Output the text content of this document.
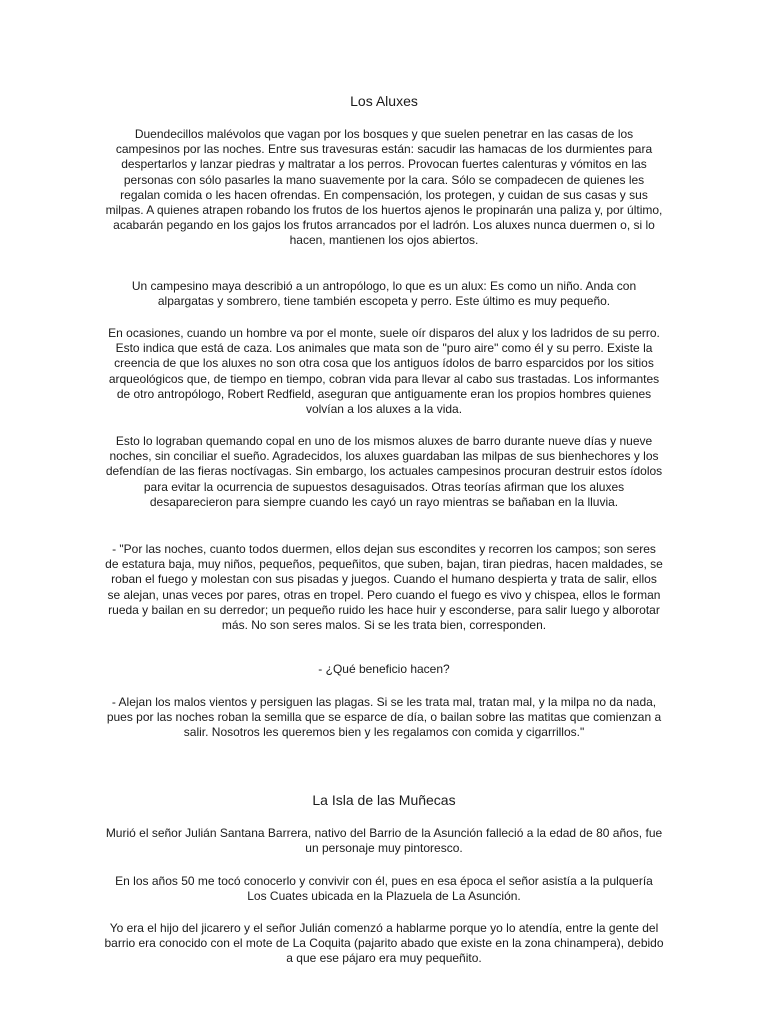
Los Aluxes

Duendecillos malévolos que vagan por los bosques y que suelen penetrar en las casas de los campesinos por las noches. Entre sus travesuras están: sacudir las hamacas de los durmientes para despertarlos y lanzar piedras y maltratar a los perros. Provocan fuertes calenturas y vómitos en las personas con sólo pasarles la mano suavemente por la cara. Sólo se compadecen de quienes les regalan comida o les hacen ofrendas. En compensación, los protegen, y cuidan de sus casas y sus milpas. A quienes atrapen robando los frutos de los huertos ajenos le propinarán una paliza y, por último, acabarán pegando en los gajos los frutos arrancados por el ladrón. Los aluxes nunca duermen o, si lo hacen, mantienen los ojos abiertos.

Un campesino maya describió a un antropólogo, lo que es un alux: Es como un niño. Anda con alpargatas y sombrero, tiene también escopeta y perro. Este último es muy pequeño.

En ocasiones, cuando un hombre va por el monte, suele oír disparos del alux y los ladridos de su perro. Esto indica que está de caza. Los animales que mata son de "puro aire" como él y su perro. Existe la creencia de que los aluxes no son otra cosa que los antiguos ídolos de barro esparcidos por los sitios arqueológicos que, de tiempo en tiempo, cobran vida para llevar al cabo sus trastadas. Los informantes de otro antropólogo, Robert Redfield, aseguran que antiguamente eran los propios hombres quienes volvían a los aluxes a la vida.

Esto lo lograban quemando copal en uno de los mismos aluxes de barro durante nueve días y nueve noches, sin conciliar el sueño. Agradecidos, los aluxes guardaban las milpas de sus bienhechores y los defendían de las fieras noctívagas. Sin embargo, los actuales campesinos procuran destruir estos ídolos para evitar la ocurrencia de supuestos desaguisados. Otras teorías afirman que los aluxes desaparecieron para siempre cuando les cayó un rayo mientras se bañaban en la lluvia.

- "Por las noches, cuanto todos duermen, ellos dejan sus escondites y recorren los campos; son seres de estatura baja, muy niños, pequeños, pequeñitos, que suben, bajan, tiran piedras, hacen maldades, se roban el fuego y molestan con sus pisadas y juegos. Cuando el humano despierta y trata de salir, ellos se alejan, unas veces por pares, otras en tropel. Pero cuando el fuego es vivo y chispea, ellos le forman rueda y bailan en su derredor; un pequeño ruido les hace huir y esconderse, para salir luego y alborotar más. No son seres malos. Si se les trata bien, corresponden.

- ¿Qué beneficio hacen?

- Alejan los malos vientos y persiguen las plagas. Si se les trata mal, tratan mal, y la milpa no da nada, pues por las noches roban la semilla que se esparce de día, o bailan sobre las matitas que comienzan a salir. Nosotros les queremos bien y les regalamos con comida y cigarrillos."

La Isla de las Muñecas

Murió el señor Julián Santana Barrera, nativo del Barrio de la Asunción falleció a la edad de 80 años, fue un personaje muy pintoresco.

En los años 50 me tocó conocerlo y convivir con él, pues en esa época el señor asistía a la pulquería Los Cuates ubicada en la Plazuela de La Asunción.

Yo era el hijo del jicarero y el señor Julián comenzó a hablarme porque yo lo atendía, entre la gente del barrio era conocido con el mote de La Coquita (pajarito abado que existe en la zona chinampera), debido a que ese pájaro era muy pequeñito.
